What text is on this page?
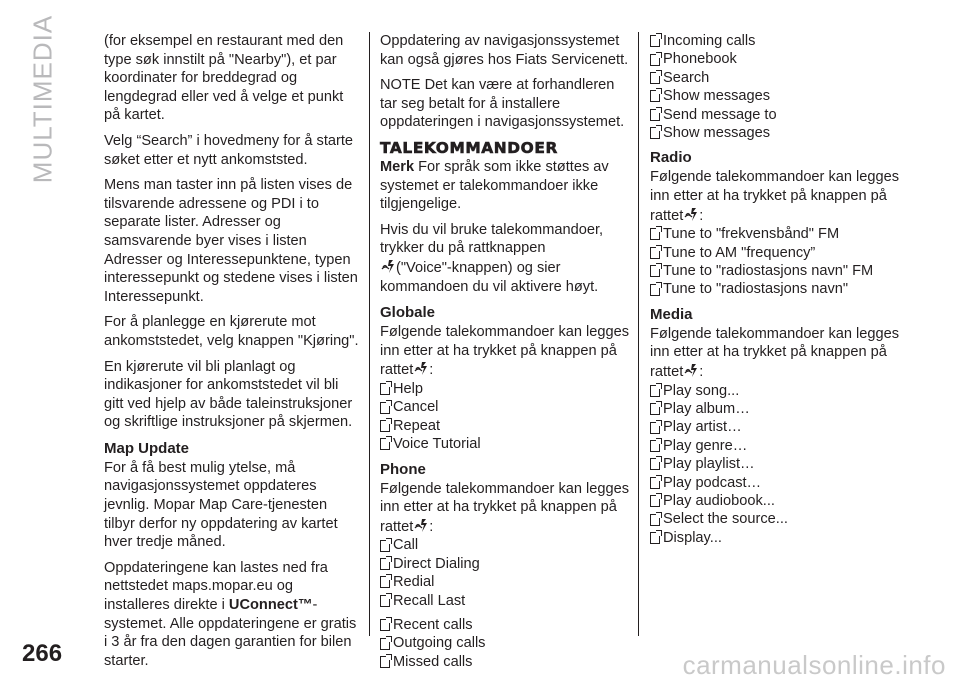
MULTIMEDIA	(for eksempel en restaurant med den type søk innstilt på "Nearby"), et par koordinater for breddegrad og lengdegrad eller ved å velge et punkt på kartet.

Velg “Search” i hovedmeny for å starte søket etter et nytt ankomststed.

Mens man taster inn på listen vises de tilsvarende adressene og PDI i to separate lister. Adresser og samsvarende byer vises i listen Adresser og Interessepunktene, typen interessepunkt og stedene vises i listen Interessepunkt.

For å planlegge en kjørerute mot ankomststedet, velg knappen "Kjøring".

En kjørerute vil bli planlagt og indikasjoner for ankomststedet vil bli gitt ved hjelp av både taleinstruksjoner og skriftlige instruksjoner på skjermen.

Map Update

For å få best mulig ytelse, må navigasjonssystemet oppdateres jevnlig. Mopar Map Care-tjenesten tilbyr derfor ny oppdatering av kartet hver tredje måned.

Oppdateringene kan lastes ned fra nettstedet maps.mopar.eu og installeres direkte i UConnect™- systemet. Alle oppdateringene er gratis i 3 år fra den dagen garantien for bilen starter.

Oppdatering av navigasjonssystemet kan også gjøres hos Fiats Servicenett.

NOTE Det kan være at forhandleren tar seg betalt for å installere oppdateringen i navigasjonssystemet.

TALEKOMMANDOER

Merk For språk som ikke støttes av systemet er talekommandoer ikke tilgjengelige.

Hvis du vil bruke talekommandoer, trykker du på rattknappen
("Voice"-knappen) og sier kommandoen du vil aktivere høyt.

Globale
Følgende talekommandoer kan legges inn etter at ha trykket på knappen på rattet :
Help
Cancel
Repeat
Voice Tutorial
Phone
Følgende talekommandoer kan legges inn etter at ha trykket på knappen på rattet :
Call
Direct Dialing
Redial
Recall Last
Recent calls
Outgoing calls
Missed calls
Incoming calls
Phonebook
Search
Show messages
Send message to
Show messages
Radio
Følgende talekommandoer kan legges inn etter at ha trykket på knappen på rattet :
Tune to "frekvensbånd" FM
Tune to AM "frequency”
Tune to "radiostasjons navn" FM
Tune to "radiostasjons navn"
Media
Følgende talekommandoer kan legges inn etter at ha trykket på knappen på rattet :
Play song...
Play album…
Play artist…
Play genre…
Play playlist…
Play podcast…
Play audiobook...
Select the source...
Display...
266	carmanualsonline.info
